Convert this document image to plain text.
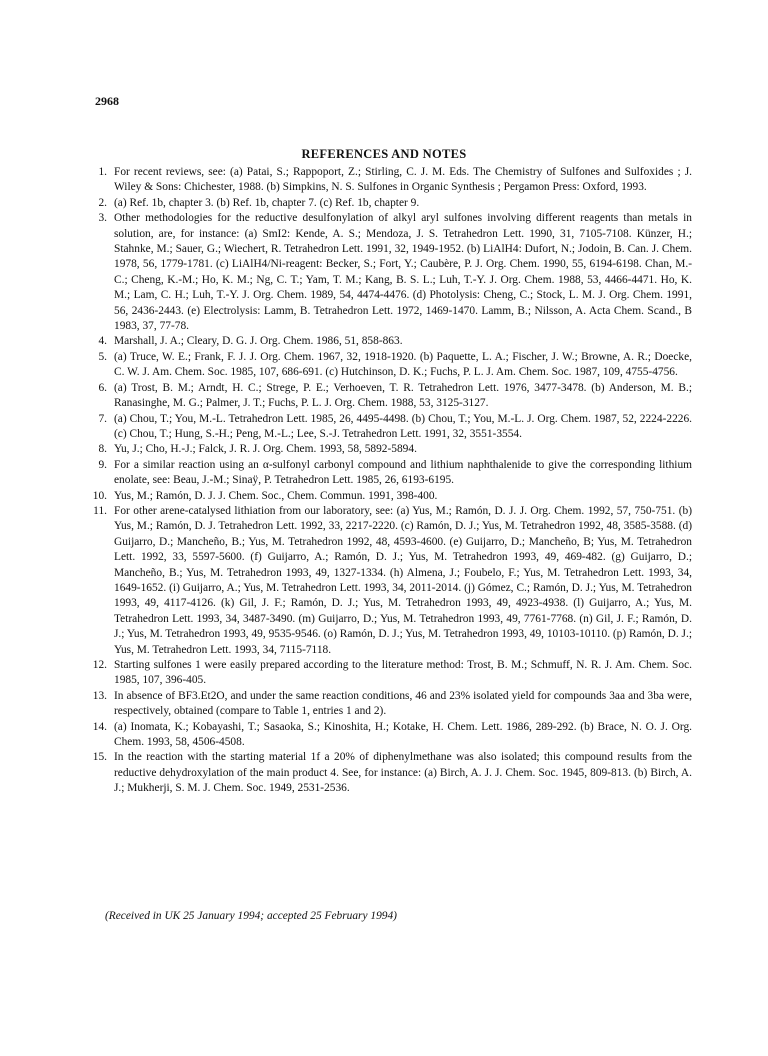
2968
REFERENCES AND NOTES
1. For recent reviews, see: (a) Patai, S.; Rappoport, Z.; Stirling, C. J. M. Eds. The Chemistry of Sulfones and Sulfoxides ; J. Wiley & Sons: Chichester, 1988. (b) Simpkins, N. S. Sulfones in Organic Synthesis ; Pergamon Press: Oxford, 1993.
2. (a) Ref. 1b, chapter 3. (b) Ref. 1b, chapter 7. (c) Ref. 1b, chapter 9.
3. Other methodologies for the reductive desulfonylation of alkyl aryl sulfones involving different reagents than metals in solution, are, for instance: (a) SmI2: Kende, A. S.; Mendoza, J. S. Tetrahedron Lett. 1990, 31, 7105-7108. Künzer, H.; Stahnke, M.; Sauer, G.; Wiechert, R. Tetrahedron Lett. 1991, 32, 1949-1952. (b) LiAlH4: Dufort, N.; Jodoin, B. Can. J. Chem. 1978, 56, 1779-1781. (c) LiAlH4/Ni-reagent: Becker, S.; Fort, Y.; Caubère, P. J. Org. Chem. 1990, 55, 6194-6198. Chan, M.-C.; Cheng, K.-M.; Ho, K. M.; Ng, C. T.; Yam, T. M.; Kang, B. S. L.; Luh, T.-Y. J. Org. Chem. 1988, 53, 4466-4471. Ho, K. M.; Lam, C. H.; Luh, T.-Y. J. Org. Chem. 1989, 54, 4474-4476. (d) Photolysis: Cheng, C.; Stock, L. M. J. Org. Chem. 1991, 56, 2436-2443. (e) Electrolysis: Lamm, B. Tetrahedron Lett. 1972, 1469-1470. Lamm, B.; Nilsson, A. Acta Chem. Scand., B 1983, 37, 77-78.
4. Marshall, J. A.; Cleary, D. G. J. Org. Chem. 1986, 51, 858-863.
5. (a) Truce, W. E.; Frank, F. J. J. Org. Chem. 1967, 32, 1918-1920. (b) Paquette, L. A.; Fischer, J. W.; Browne, A. R.; Doecke, C. W. J. Am. Chem. Soc. 1985, 107, 686-691. (c) Hutchinson, D. K.; Fuchs, P. L. J. Am. Chem. Soc. 1987, 109, 4755-4756.
6. (a) Trost, B. M.; Arndt, H. C.; Strege, P. E.; Verhoeven, T. R. Tetrahedron Lett. 1976, 3477-3478. (b) Anderson, M. B.; Ranasinghe, M. G.; Palmer, J. T.; Fuchs, P. L. J. Org. Chem. 1988, 53, 3125-3127.
7. (a) Chou, T.; You, M.-L. Tetrahedron Lett. 1985, 26, 4495-4498. (b) Chou, T.; You, M.-L. J. Org. Chem. 1987, 52, 2224-2226. (c) Chou, T.; Hung, S.-H.; Peng, M.-L.; Lee, S.-J. Tetrahedron Lett. 1991, 32, 3551-3554.
8. Yu, J.; Cho, H.-J.; Falck, J. R. J. Org. Chem. 1993, 58, 5892-5894.
9. For a similar reaction using an α-sulfonyl carbonyl compound and lithium naphthalenide to give the corresponding lithium enolate, see: Beau, J.-M.; Sinaÿ, P. Tetrahedron Lett. 1985, 26, 6193-6195.
10. Yus, M.; Ramón, D. J. J. Chem. Soc., Chem. Commun. 1991, 398-400.
11. For other arene-catalysed lithiation from our laboratory, see: (a) Yus, M.; Ramón, D. J. J. Org. Chem. 1992, 57, 750-751. (b) Yus, M.; Ramón, D. J. Tetrahedron Lett. 1992, 33, 2217-2220. (c) Ramón, D. J.; Yus, M. Tetrahedron 1992, 48, 3585-3588. (d) Guijarro, D.; Mancheño, B.; Yus, M. Tetrahedron 1992, 48, 4593-4600. (e) Guijarro, D.; Mancheño, B; Yus, M. Tetrahedron Lett. 1992, 33, 5597-5600. (f) Guijarro, A.; Ramón, D. J.; Yus, M. Tetrahedron 1993, 49, 469-482. (g) Guijarro, D.; Mancheño, B.; Yus, M. Tetrahedron 1993, 49, 1327-1334. (h) Almena, J.; Foubelo, F.; Yus, M. Tetrahedron Lett. 1993, 34, 1649-1652. (i) Guijarro, A.; Yus, M. Tetrahedron Lett. 1993, 34, 2011-2014. (j) Gómez, C.; Ramón, D. J.; Yus, M. Tetrahedron 1993, 49, 4117-4126. (k) Gil, J. F.; Ramón, D. J.; Yus, M. Tetrahedron 1993, 49, 4923-4938. (l) Guijarro, A.; Yus, M. Tetrahedron Lett. 1993, 34, 3487-3490. (m) Guijarro, D.; Yus, M. Tetrahedron 1993, 49, 7761-7768. (n) Gil, J. F.; Ramón, D. J.; Yus, M. Tetrahedron 1993, 49, 9535-9546. (o) Ramón, D. J.; Yus, M. Tetrahedron 1993, 49, 10103-10110. (p) Ramón, D. J.; Yus, M. Tetrahedron Lett. 1993, 34, 7115-7118.
12. Starting sulfones 1 were easily prepared according to the literature method: Trost, B. M.; Schmuff, N. R. J. Am. Chem. Soc. 1985, 107, 396-405.
13. In absence of BF3.Et2O, and under the same reaction conditions, 46 and 23% isolated yield for compounds 3aa and 3ba were, respectively, obtained (compare to Table 1, entries 1 and 2).
14. (a) Inomata, K.; Kobayashi, T.; Sasaoka, S.; Kinoshita, H.; Kotake, H. Chem. Lett. 1986, 289-292. (b) Brace, N. O. J. Org. Chem. 1993, 58, 4506-4508.
15. In the reaction with the starting material 1f a 20% of diphenylmethane was also isolated; this compound results from the reductive dehydroxylation of the main product 4. See, for instance: (a) Birch, A. J. J. Chem. Soc. 1945, 809-813. (b) Birch, A. J.; Mukherji, S. M. J. Chem. Soc. 1949, 2531-2536.
(Received in UK 25 January 1994; accepted 25 February 1994)
